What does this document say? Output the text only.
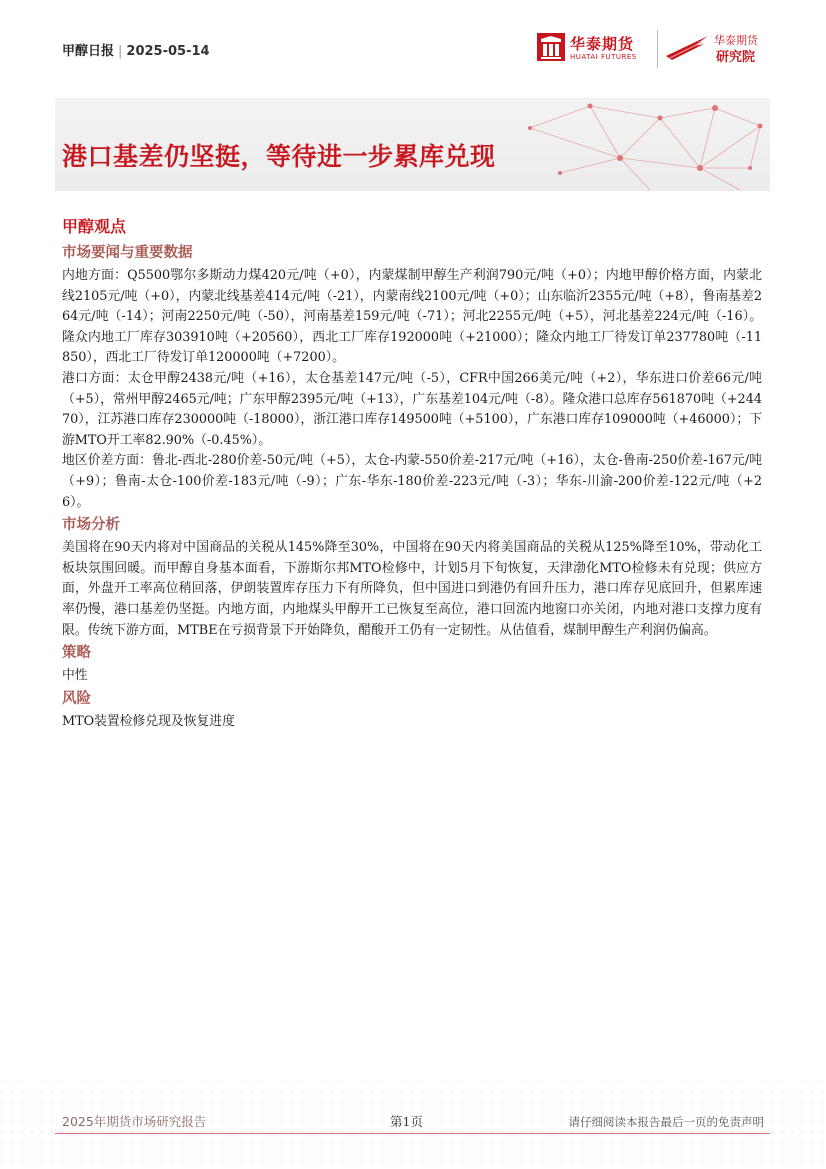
甲醇日报 | 2025-05-14	华泰期货
HUATAI FUTURES
华泰期货
研究院
港口基差仍坚挺，等待进一步累库兑现
甲醇观点
市场要闻与重要数据

内地方面：Q5500鄂尔多斯动力煤420元/吨（+0），内蒙煤制甲醇生产利润790元/吨（+0）；内地甲醇价格方面，内蒙北线2105元/吨（+0），内蒙北线基差414元/吨（-21），内蒙南线2100元/吨（+0）；山东临沂2355元/吨（+8），鲁南基差264元/吨（-14）；河南2250元/吨（-50），河南基差159元/吨（-71）；河北2255元/吨（+5），河北基差224元/吨（-16）。隆众内地工厂库存303910吨（+20560），西北工厂库存192000吨（+21000）；隆众内地工厂待发订单237780吨（-11850），西北工厂待发订单120000吨（+7200）。

港口方面：太仓甲醇2438元/吨（+16），太仓基差147元/吨（-5），CFR中国266美元/吨（+2），华东进口价差66元/吨（+5），常州甲醇2465元/吨；广东甲醇2395元/吨（+13），广东基差104元/吨（-8）。隆众港口总库存561870吨（+24470），江苏港口库存230000吨（-18000），浙江港口库存149500吨（+5100），广东港口库存109000吨（+46000）；下游MTO开工率82.90%（-0.45%）。

地区价差方面：鲁北-西北-280价差-50元/吨（+5），太仓-内蒙-550价差-217元/吨（+16），太仓-鲁南-250价差-167元/吨（+9）；鲁南-太仓-100价差-183元/吨（-9）；广东-华东-180价差-223元/吨（-3）；华东-川渝-200价差-122元/吨（+26）。

市场分析

美国将在90天内将对中国商品的关税从145%降至30%，中国将在90天内将美国商品的关税从125%降至10%，带动化工板块氛围回暖。而甲醇自身基本面看，下游斯尔邦MTO检修中，计划5月下旬恢复，天津渤化MTO检修未有兑现；供应方面，外盘开工率高位稍回落，伊朗装置库存压力下有所降负，但中国进口到港仍有回升压力，港口库存见底回升，但累库速率仍慢，港口基差仍坚挺。内地方面，内地煤头甲醇开工已恢复至高位，港口回流内地窗口亦关闭，内地对港口支撑力度有限。传统下游方面，MTBE在亏损背景下开始降负，醋酸开工仍有一定韧性。从估值看，煤制甲醇生产利润仍偏高。

策略

中性

风险

MTO装置检修兑现及恢复进度

2025年期货市场研究报告	第1页	请仔细阅读本报告最后一页的免责声明
